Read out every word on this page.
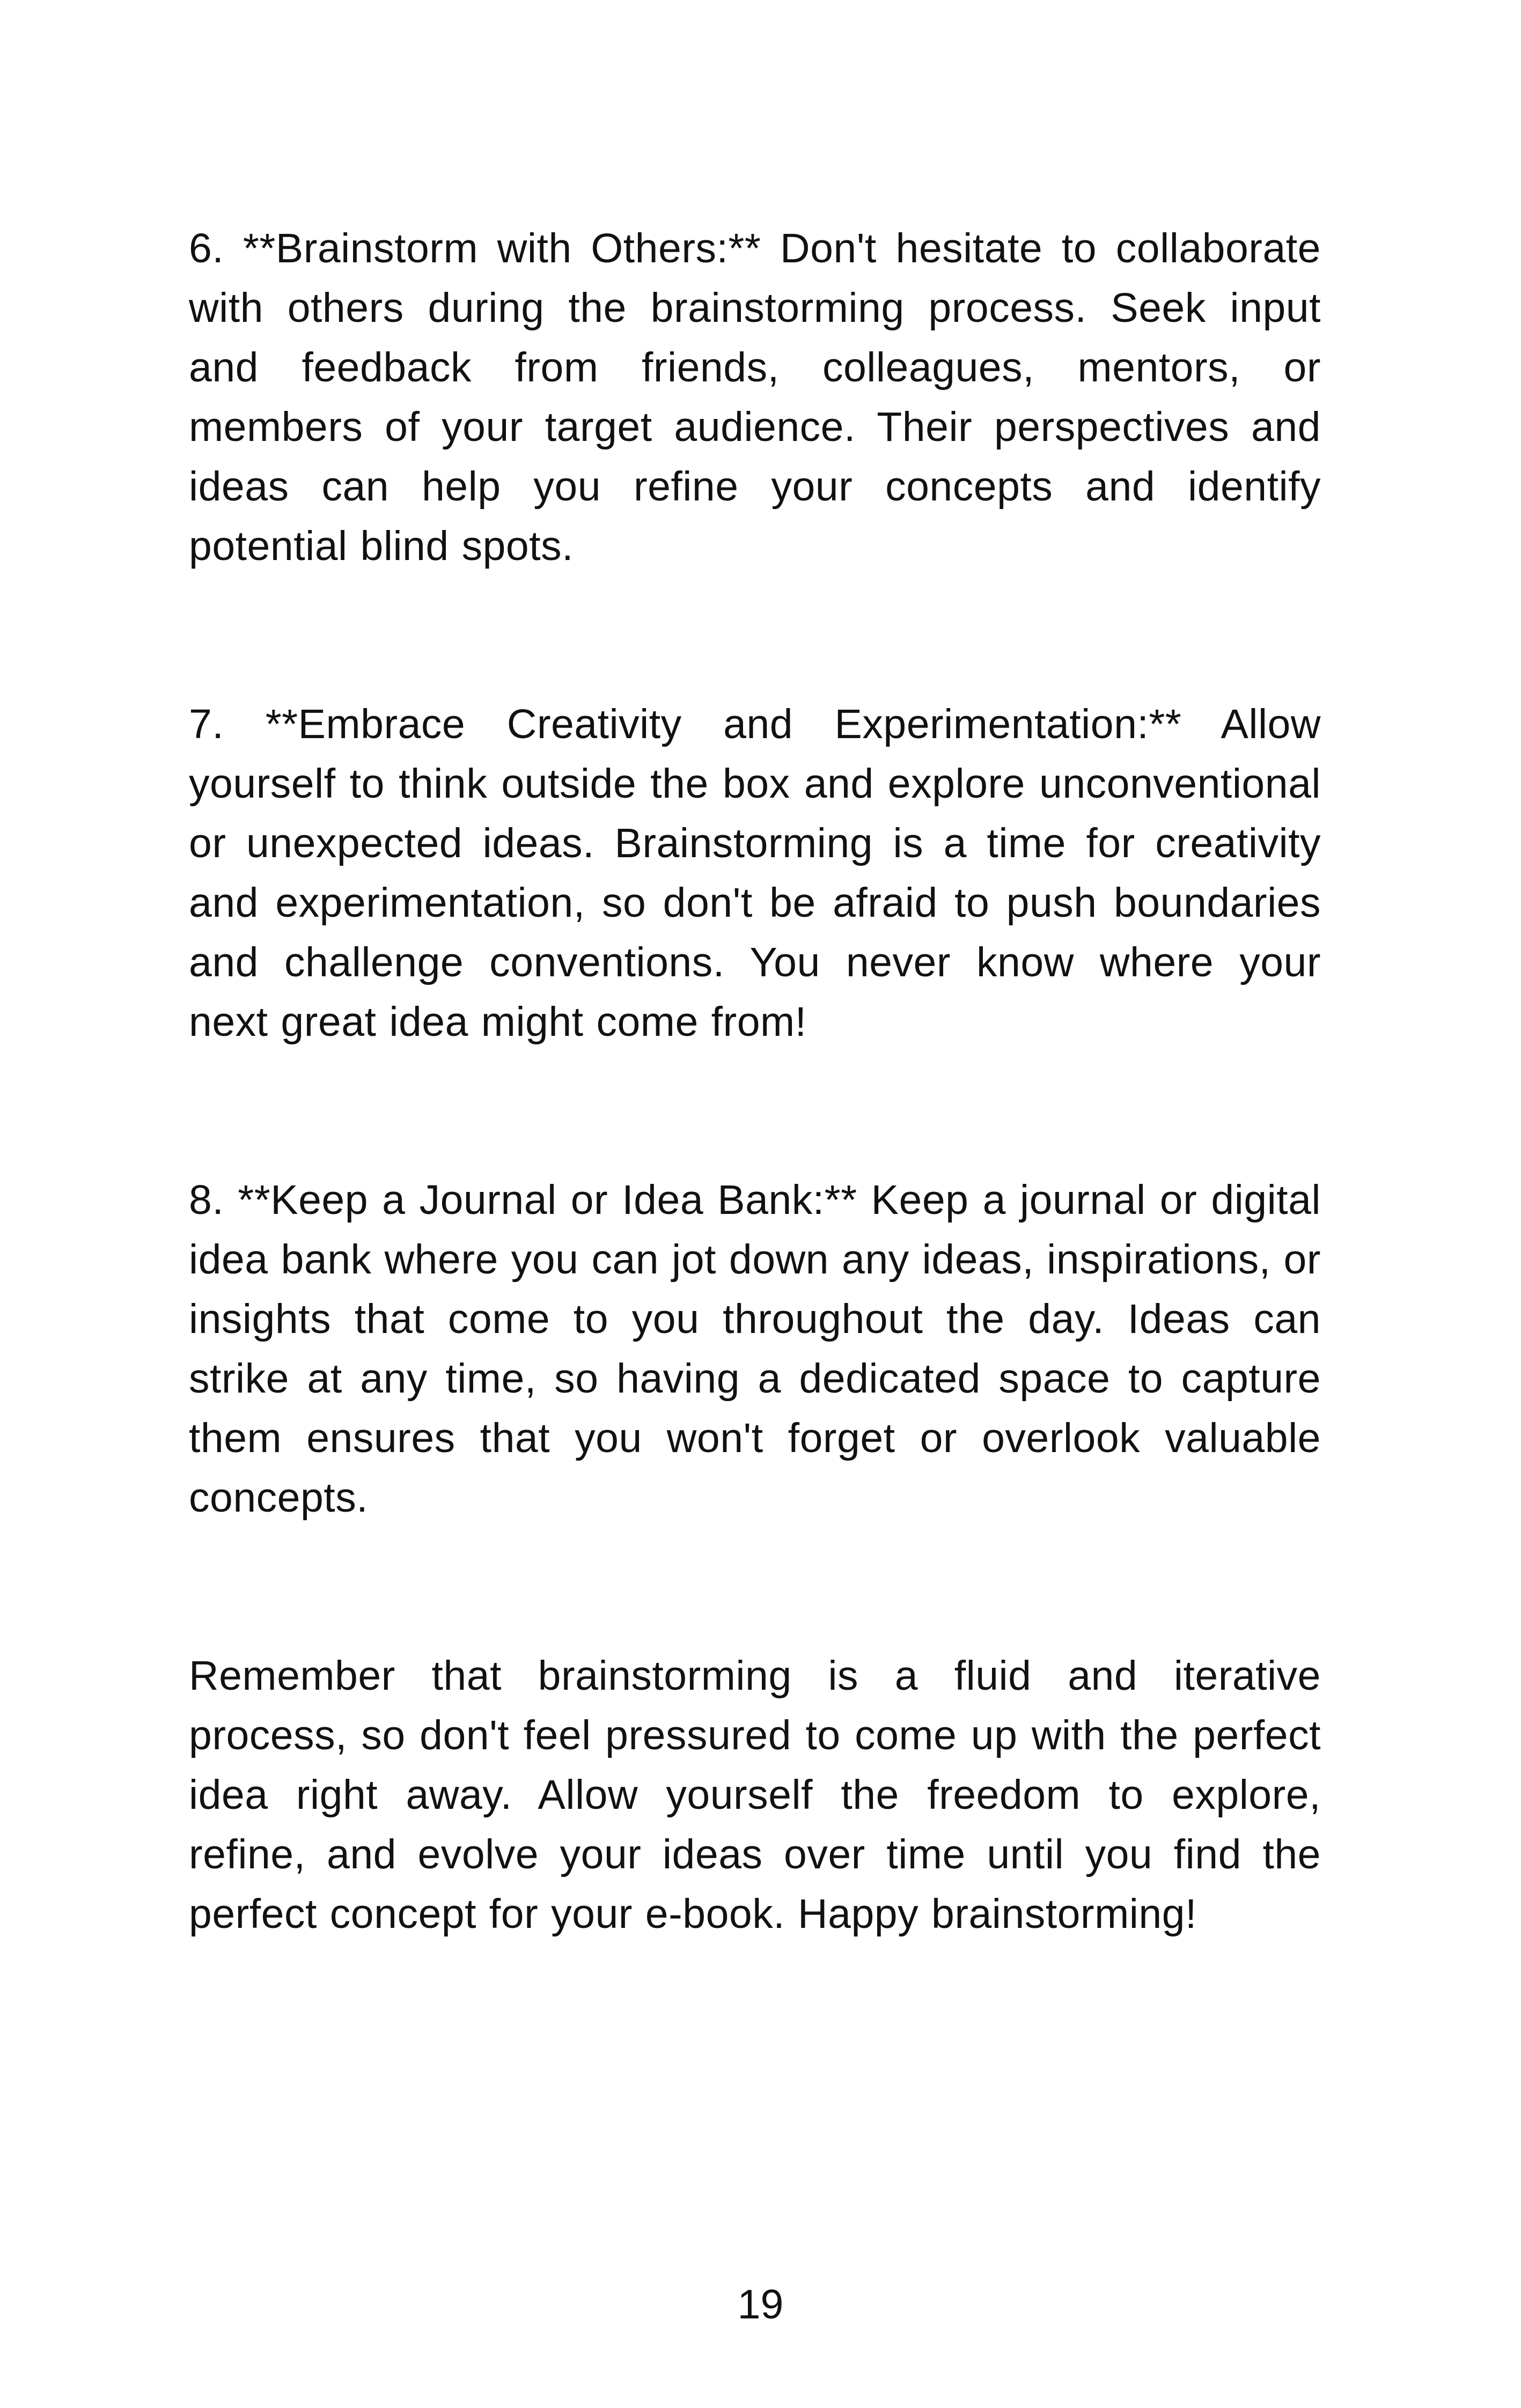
6. **Brainstorm with Others:** Don't hesitate to collaborate with others during the brainstorming process. Seek input and feedback from friends, colleagues, mentors, or members of your target audience. Their perspectives and ideas can help you refine your concepts and identify potential blind spots.

7. **Embrace Creativity and Experimentation:** Allow yourself to think outside the box and explore unconventional or unexpected ideas. Brainstorming is a time for creativity and experimentation, so don't be afraid to push boundaries and challenge conventions. You never know where your next great idea might come from!

8. **Keep a Journal or Idea Bank:** Keep a journal or digital idea bank where you can jot down any ideas, inspirations, or insights that come to you throughout the day. Ideas can strike at any time, so having a dedicated space to capture them ensures that you won't forget or overlook valuable concepts.

Remember that brainstorming is a fluid and iterative process, so don't feel pressured to come up with the perfect idea right away. Allow yourself the freedom to explore, refine, and evolve your ideas over time until you find the perfect concept for your e-book. Happy brainstorming!

19
